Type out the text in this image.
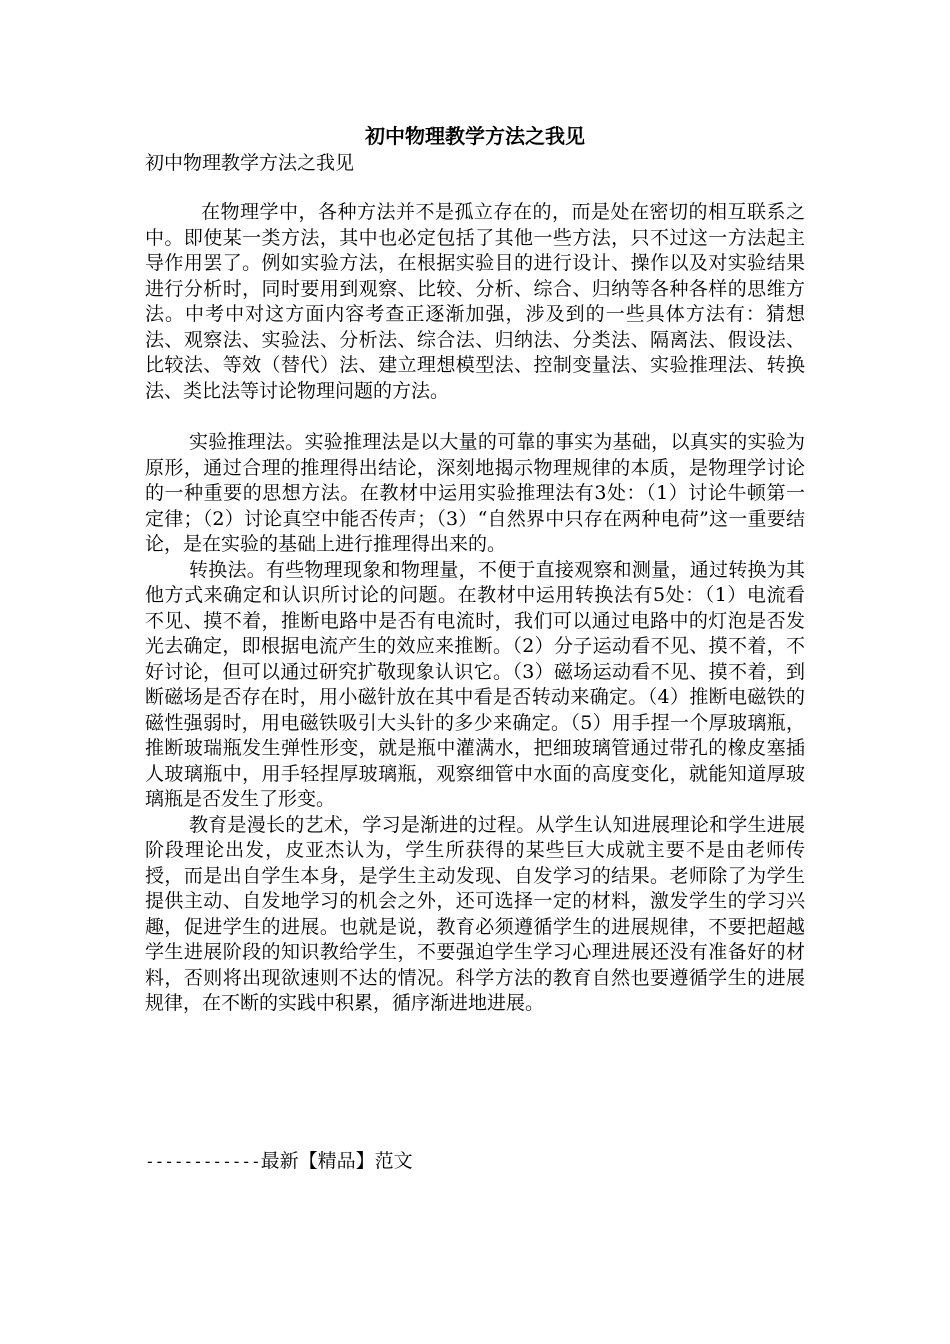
初中物理教学方法之我见

初中物理教学方法之我见

在物理学中，各种方法并不是孤立存在的，而是处在密切的相互联系之中。即使某一类方法，其中也必定包括了其他一些方法，只不过这一方法起主导作用罢了。例如实验方法，在根据实验目的进行设计、操作以及对实验结果进行分析时，同时要用到观察、比较、分析、综合、归纳等各种各样的思维方法。中考中对这方面内容考查正逐渐加强，涉及到的一些具体方法有：猜想法、观察法、实验法、分析法、综合法、归纳法、分类法、隔离法、假设法、比较法、等效（替代）法、建立理想模型法、控制变量法、实验推理法、转换法、类比法等讨论物理问题的方法。

实验推理法。实验推理法是以大量的可靠的事实为基础，以真实的实验为原形，通过合理的推理得出结论，深刻地揭示物理规律的本质，是物理学讨论的一种重要的思想方法。在教材中运用实验推理法有3处：（1）讨论牛顿第一定律；（2）讨论真空中能否传声；（3）“自然界中只存在两种电荷”这一重要结论，是在实验的基础上进行推理得出来的。

转换法。有些物理现象和物理量，不便于直接观察和测量，通过转换为其他方式来确定和认识所讨论的问题。在教材中运用转换法有5处：（1）电流看不见、摸不着，推断电路中是否有电流时，我们可以通过电路中的灯泡是否发光去确定，即根据电流产生的效应来推断。（2）分子运动看不见、摸不着，不好讨论，但可以通过研究扩敬现象认识它。（3）磁场运动看不见、摸不着，到断磁场是否存在时，用小磁针放在其中看是否转动来确定。（4）推断电磁铁的磁性强弱时，用电磁铁吸引大头针的多少来确定。（5）用手捏一个厚玻璃瓶，推断玻瑞瓶发生弹性形变，就是瓶中灌满水，把细玻璃管通过带孔的橡皮塞插人玻璃瓶中，用手轻捏厚玻璃瓶，观察细管中水面的高度变化，就能知道厚玻璃瓶是否发生了形变。

教育是漫长的艺术，学习是渐进的过程。从学生认知进展理论和学生进展阶段理论出发，皮亚杰认为，学生所获得的某些巨大成就主要不是由老师传授，而是出自学生本身，是学生主动发现、自发学习的结果。老师除了为学生提供主动、自发地学习的机会之外，还可选择一定的材料，激发学生的学习兴趣，促进学生的进展。也就是说，教育必须遵循学生的进展规律，不要把超越学生进展阶段的知识教给学生，不要强迫学生学习心理进展还没有准备好的材料，否则将出现欲速则不达的情况。科学方法的教育自然也要遵循学生的进展规律，在不断的实践中积累，循序渐进地进展。

------------最新【精品】范文
